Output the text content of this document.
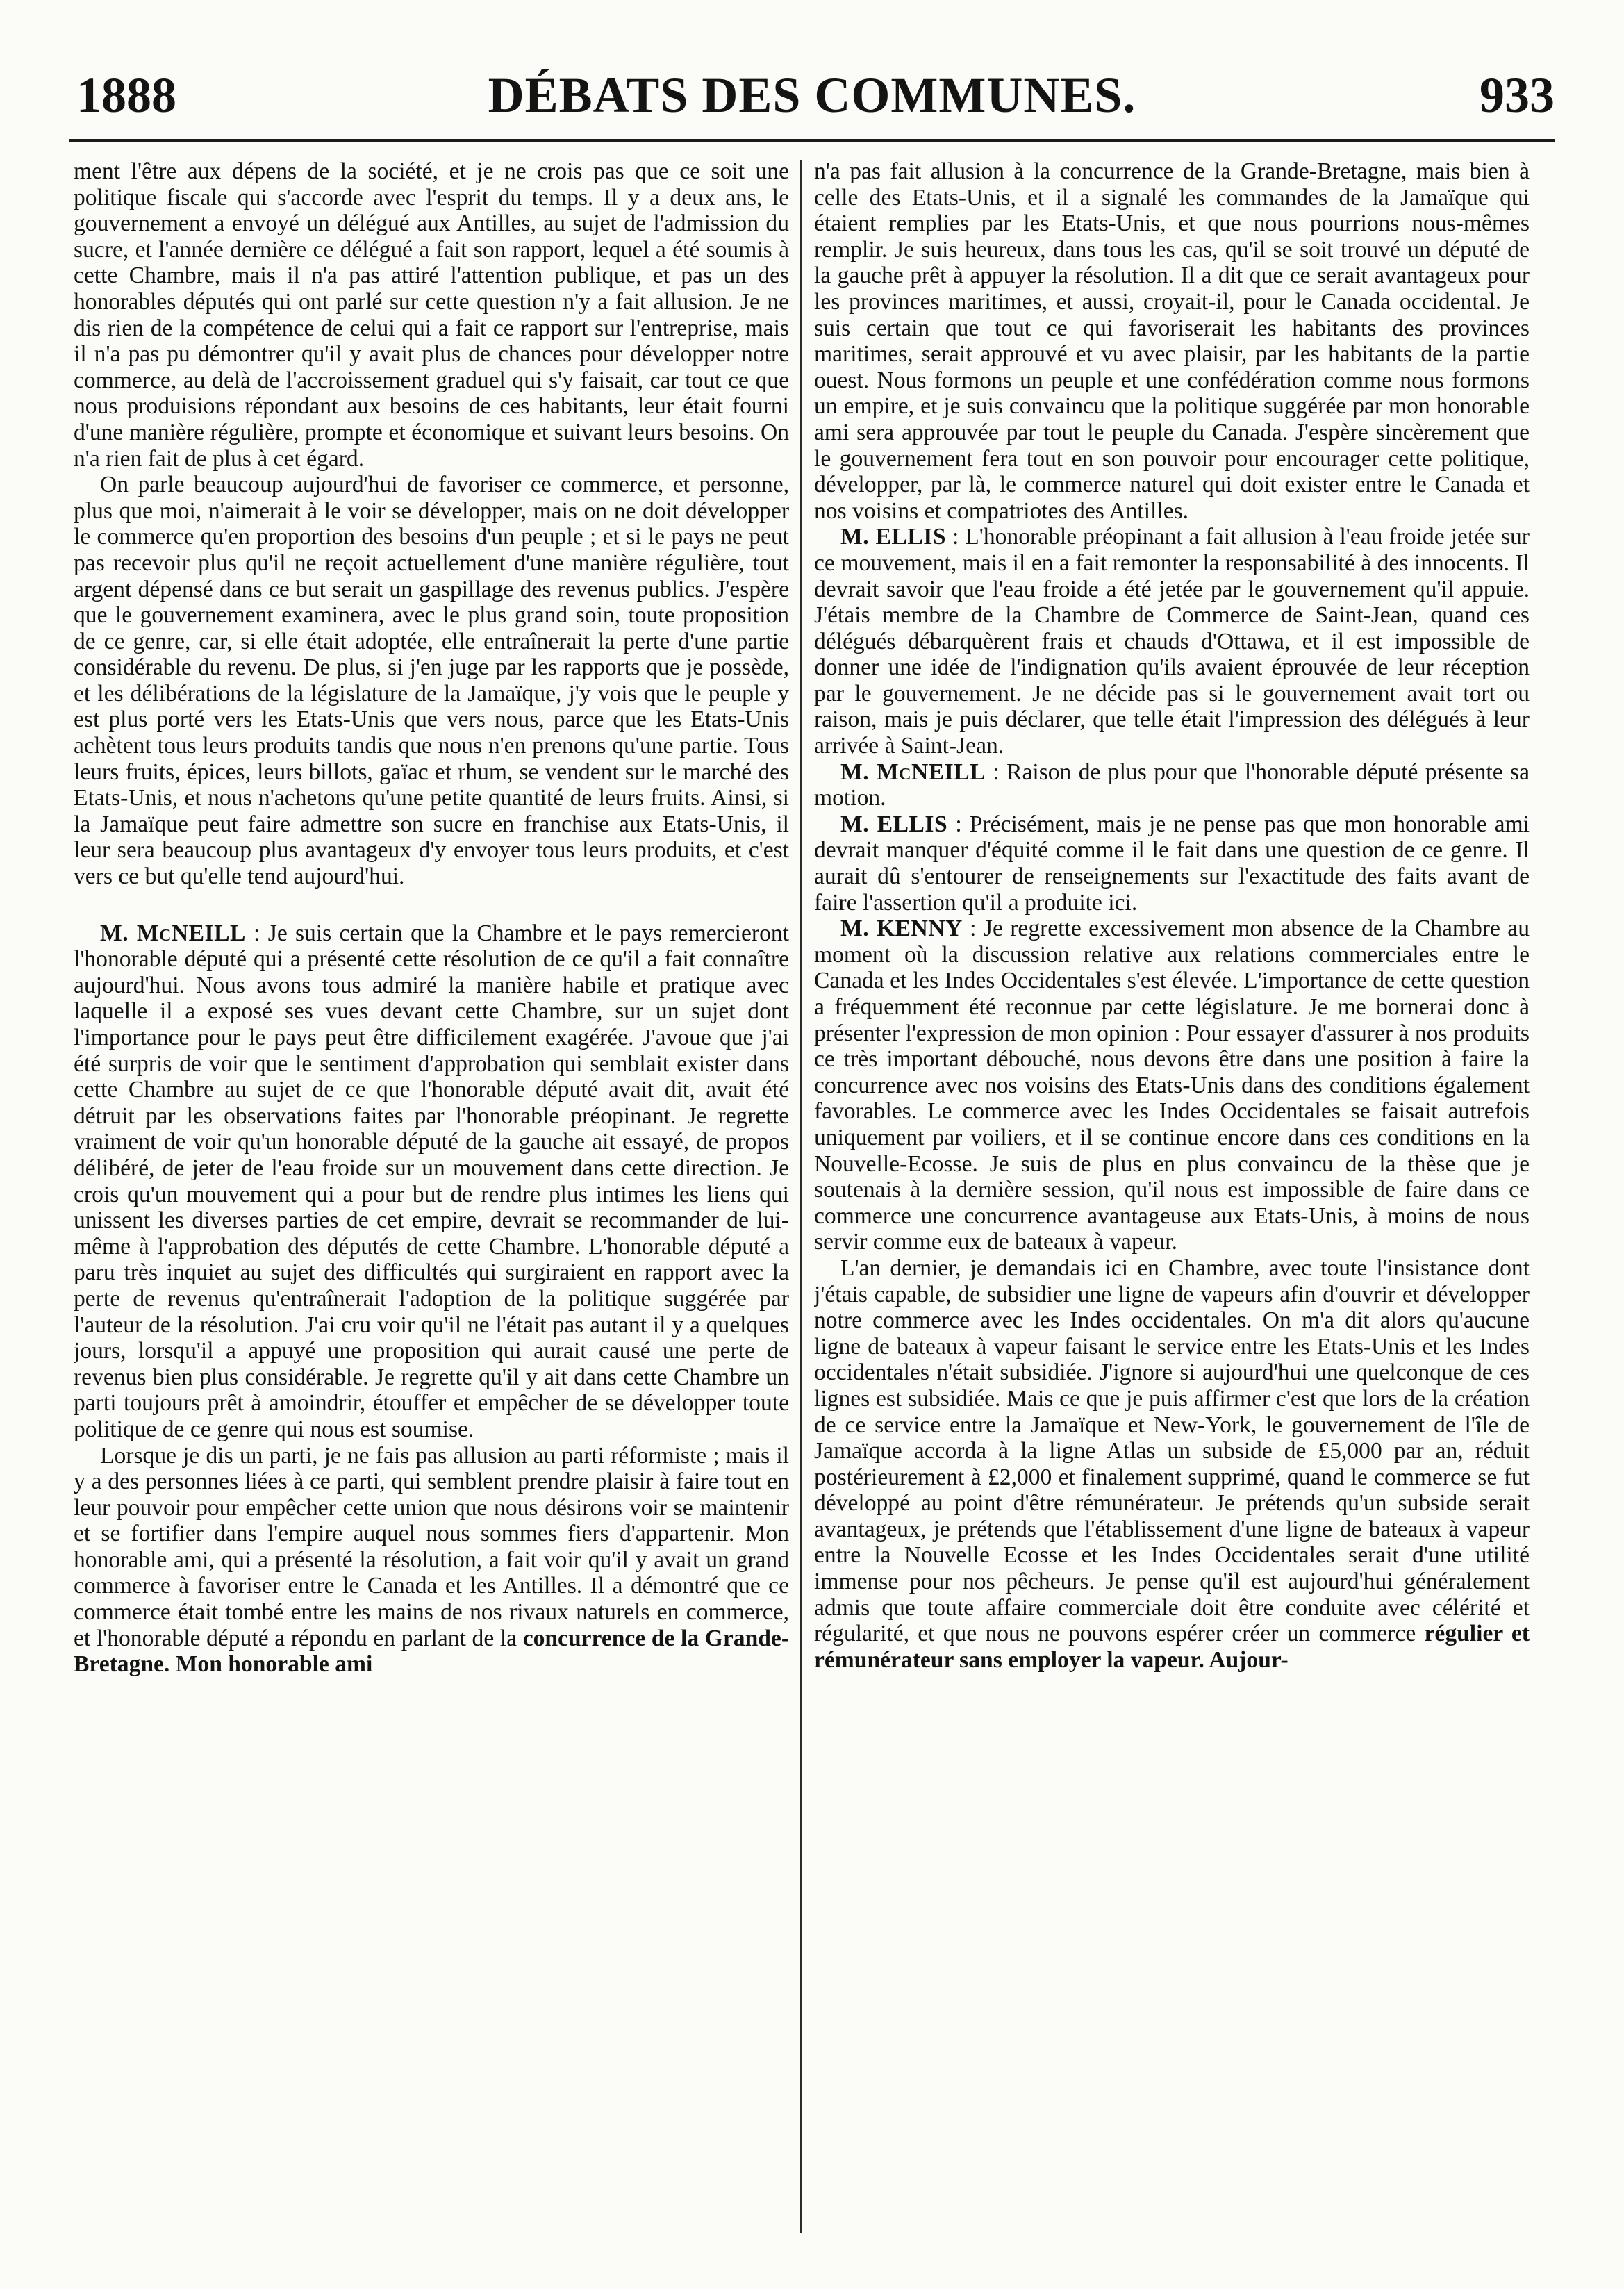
1888	DÉBATS DES COMMUNES.	933

ment l'être aux dépens de la société, et je ne crois pas que ce soit une politique fiscale qui s'accorde avec l'esprit du temps. Il y a deux ans, le gouvernement a envoyé un délégué aux Antilles, au sujet de l'admission du sucre, et l'année dernière ce délégué a fait son rapport, lequel a été soumis à cette Chambre, mais il n'a pas attiré l'attention publique, et pas un des honorables députés qui ont parlé sur cette question n'y a fait allusion. Je ne dis rien de la compétence de celui qui a fait ce rapport sur l'entreprise, mais il n'a pas pu démontrer qu'il y avait plus de chances pour développer notre commerce, au delà de l'accroissement graduel qui s'y faisait, car tout ce que nous produisions répondant aux besoins de ces habitants, leur était fourni d'une manière régulière, prompte et économique et suivant leurs besoins. On n'a rien fait de plus à cet égard.

On parle beaucoup aujourd'hui de favoriser ce commerce, et personne, plus que moi, n'aimerait à le voir se développer, mais on ne doit développer le commerce qu'en proportion des besoins d'un peuple ; et si le pays ne peut pas recevoir plus qu'il ne reçoit actuellement d'une manière régulière, tout argent dépensé dans ce but serait un gaspillage des revenus publics. J'espère que le gouvernement examinera, avec le plus grand soin, toute proposition de ce genre, car, si elle était adoptée, elle entraînerait la perte d'une partie considérable du revenu. De plus, si j'en juge par les rapports que je possède, et les délibérations de la législature de la Jamaïque, j'y vois que le peuple y est plus porté vers les Etats-Unis que vers nous, parce que les Etats-Unis achètent tous leurs produits tandis que nous n'en prenons qu'une partie. Tous leurs fruits, épices, leurs billots, gaïac et rhum, se vendent sur le marché des Etats-Unis, et nous n'achetons qu'une petite quantité de leurs fruits. Ainsi, si la Jamaïque peut faire admettre son sucre en franchise aux Etats-Unis, il leur sera beaucoup plus avantageux d'y envoyer tous leurs produits, et c'est vers ce but qu'elle tend aujourd'hui.

M. McNEILL : Je suis certain que la Chambre et le pays remercieront l'honorable député qui a présenté cette résolution de ce qu'il a fait connaître aujourd'hui. Nous avons tous admiré la manière habile et pratique avec laquelle il a exposé ses vues devant cette Chambre, sur un sujet dont l'importance pour le pays peut être difficilement exagérée. J'avoue que j'ai été surpris de voir que le sentiment d'approbation qui semblait exister dans cette Chambre au sujet de ce que l'honorable député avait dit, avait été détruit par les observations faites par l'honorable préopinant. Je regrette vraiment de voir qu'un honorable député de la gauche ait essayé, de propos délibéré, de jeter de l'eau froide sur un mouvement dans cette direction. Je crois qu'un mouvement qui a pour but de rendre plus intimes les liens qui unissent les diverses parties de cet empire, devrait se recommander de lui-même à l'approbation des députés de cette Chambre. L'honorable député a paru très inquiet au sujet des difficultés qui surgiraient en rapport avec la perte de revenus qu'entraînerait l'adoption de la politique suggérée par l'auteur de la résolution. J'ai cru voir qu'il ne l'était pas autant il y a quelques jours, lorsqu'il a appuyé une proposition qui aurait causé une perte de revenus bien plus considérable. Je regrette qu'il y ait dans cette Chambre un parti toujours prêt à amoindrir, étouffer et empêcher de se développer toute politique de ce genre qui nous est soumise.

Lorsque je dis un parti, je ne fais pas allusion au parti réformiste ; mais il y a des personnes liées à ce parti, qui semblent prendre plaisir à faire tout en leur pouvoir pour empêcher cette union que nous désirons voir se maintenir et se fortifier dans l'empire auquel nous sommes fiers d'appartenir. Mon honorable ami, qui a présenté la résolution, a fait voir qu'il y avait un grand commerce à favoriser entre le Canada et les Antilles. Il a démontré que ce commerce était tombé entre les mains de nos rivaux naturels en commerce, et l'honorable député a répondu en parlant de la concurrence de la Grande-Bretagne. Mon honorable ami

n'a pas fait allusion à la concurrence de la Grande-Bretagne, mais bien à celle des Etats-Unis, et il a signalé les commandes de la Jamaïque qui étaient remplies par les Etats-Unis, et que nous pourrions nous-mêmes remplir. Je suis heureux, dans tous les cas, qu'il se soit trouvé un député de la gauche prêt à appuyer la résolution. Il a dit que ce serait avantageux pour les provinces maritimes, et aussi, croyait-il, pour le Canada occidental. Je suis certain que tout ce qui favoriserait les habitants des provinces maritimes, serait approuvé et vu avec plaisir, par les habitants de la partie ouest. Nous formons un peuple et une confédération comme nous formons un empire, et je suis convaincu que la politique suggérée par mon honorable ami sera approuvée par tout le peuple du Canada. J'espère sincèrement que le gouvernement fera tout en son pouvoir pour encourager cette politique, développer, par là, le commerce naturel qui doit exister entre le Canada et nos voisins et compatriotes des Antilles.

M. ELLIS : L'honorable préopinant a fait allusion à l'eau froide jetée sur ce mouvement, mais il en a fait remonter la responsabilité à des innocents. Il devrait savoir que l'eau froide a été jetée par le gouvernement qu'il appuie. J'étais membre de la Chambre de Commerce de Saint-Jean, quand ces délégués débarquèrent frais et chauds d'Ottawa, et il est impossible de donner une idée de l'indignation qu'ils avaient éprouvée de leur réception par le gouvernement. Je ne décide pas si le gouvernement avait tort ou raison, mais je puis déclarer, que telle était l'impression des délégués à leur arrivée à Saint-Jean.

M. McNEILL : Raison de plus pour que l'honorable député présente sa motion.

M. ELLIS : Précisément, mais je ne pense pas que mon honorable ami devrait manquer d'équité comme il le fait dans une question de ce genre. Il aurait dû s'entourer de renseignements sur l'exactitude des faits avant de faire l'assertion qu'il a produite ici.

M. KENNY : Je regrette excessivement mon absence de la Chambre au moment où la discussion relative aux relations commerciales entre le Canada et les Indes Occidentales s'est élevée. L'importance de cette question a fréquemment été reconnue par cette législature. Je me bornerai donc à présenter l'expression de mon opinion : Pour essayer d'assurer à nos produits ce très important débouché, nous devons être dans une position à faire la concurrence avec nos voisins des Etats-Unis dans des conditions également favorables. Le commerce avec les Indes Occidentales se faisait autrefois uniquement par voiliers, et il se continue encore dans ces conditions en la Nouvelle-Ecosse. Je suis de plus en plus convaincu de la thèse que je soutenais à la dernière session, qu'il nous est impossible de faire dans ce commerce une concurrence avantageuse aux Etats-Unis, à moins de nous servir comme eux de bateaux à vapeur.

L'an dernier, je demandais ici en Chambre, avec toute l'insistance dont j'étais capable, de subsidier une ligne de vapeurs afin d'ouvrir et développer notre commerce avec les Indes occidentales. On m'a dit alors qu'aucune ligne de bateaux à vapeur faisant le service entre les Etats-Unis et les Indes occidentales n'était subsidiée. J'ignore si aujourd'hui une quelconque de ces lignes est subsidiée. Mais ce que je puis affirmer c'est que lors de la création de ce service entre la Jamaïque et New-York, le gouvernement de l'île de Jamaïque accorda à la ligne Atlas un subside de £5,000 par an, réduit postérieurement à £2,000 et finalement supprimé, quand le commerce se fut développé au point d'être rémunérateur. Je prétends qu'un subside serait avantageux, je prétends que l'établissement d'une ligne de bateaux à vapeur entre la Nouvelle Ecosse et les Indes Occidentales serait d'une utilité immense pour nos pêcheurs. Je pense qu'il est aujourd'hui généralement admis que toute affaire commerciale doit être conduite avec célérité et régularité, et que nous ne pouvons espérer créer un commerce régulier et rémunérateur sans employer la vapeur. Aujour-
